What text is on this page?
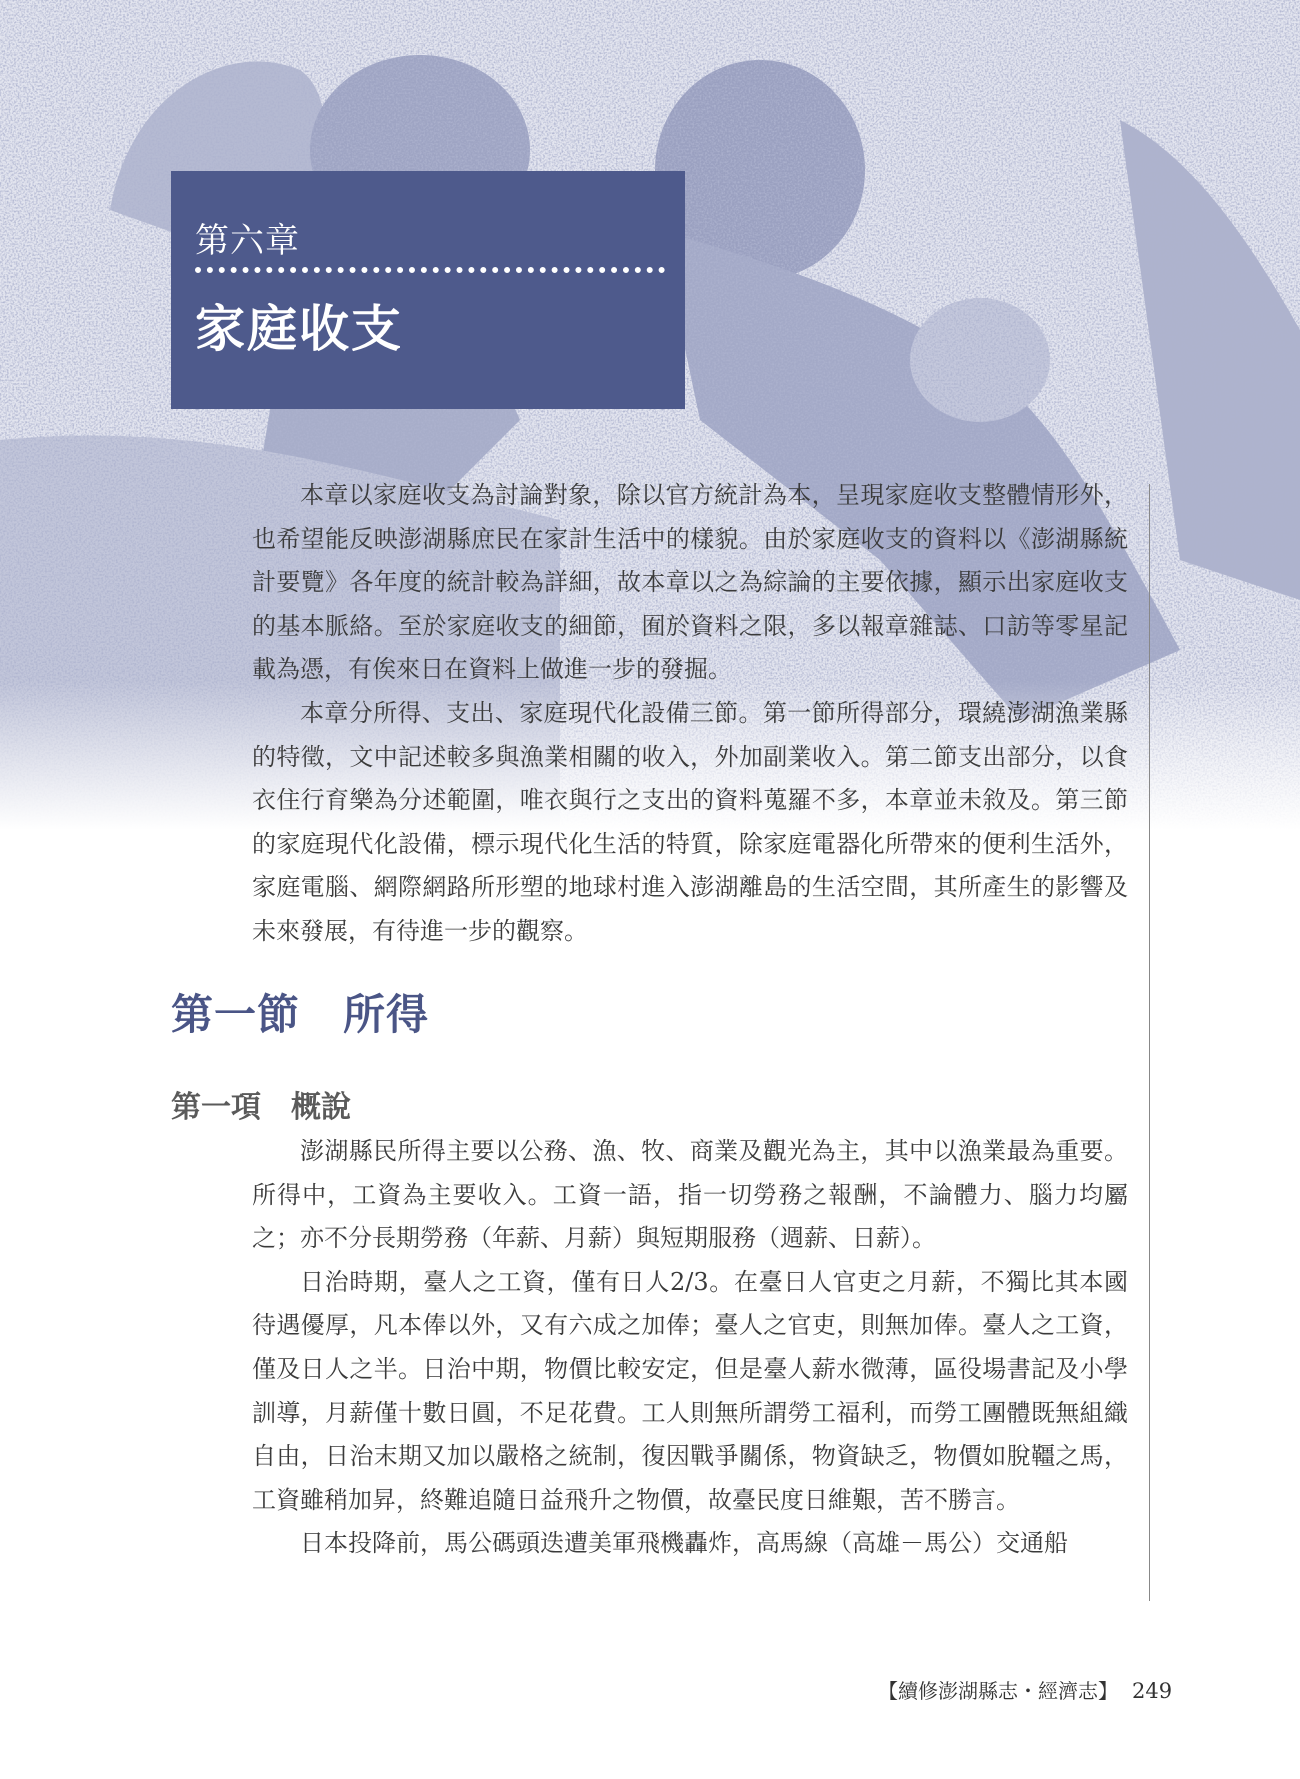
第六章
家庭收支

本章以家庭收支為討論對象，除以官方統計為本，呈現家庭收支整體情形外，也希望能反映澎湖縣庶民在家計生活中的樣貌。由於家庭收支的資料以《澎湖縣統計要覽》各年度的統計較為詳細，故本章以之為綜論的主要依據，顯示出家庭收支的基本脈絡。至於家庭收支的細節，囿於資料之限，多以報章雜誌、口訪等零星記載為憑，有俟來日在資料上做進一步的發掘。

本章分所得、支出、家庭現代化設備三節。第一節所得部分，環繞澎湖漁業縣的特徵，文中記述較多與漁業相關的收入，外加副業收入。第二節支出部分，以食衣住行育樂為分述範圍，唯衣與行之支出的資料蒐羅不多，本章並未敘及。第三節的家庭現代化設備，標示現代化生活的特質，除家庭電器化所帶來的便利生活外，家庭電腦、網際網路所形塑的地球村進入澎湖離島的生活空間，其所產生的影響及未來發展，有待進一步的觀察。

第一節　所得
第一項　概說

澎湖縣民所得主要以公務、漁、牧、商業及觀光為主，其中以漁業最為重要。所得中，工資為主要收入。工資一語，指一切勞務之報酬，不論體力、腦力均屬之；亦不分長期勞務（年薪、月薪）與短期服務（週薪、日薪）。

日治時期，臺人之工資，僅有日人2/3。在臺日人官吏之月薪，不獨比其本國待遇優厚，凡本俸以外，又有六成之加俸；臺人之官吏，則無加俸。臺人之工資，僅及日人之半。日治中期，物價比較安定，但是臺人薪水微薄，區役場書記及小學訓導，月薪僅十數日圓，不足花費。工人則無所謂勞工福利，而勞工團體既無組織自由，日治末期又加以嚴格之統制，復因戰爭關係，物資缺乏，物價如脫韁之馬，工資雖稍加昇，終難追隨日益飛升之物價，故臺民度日維艱，苦不勝言。

日本投降前，馬公碼頭迭遭美軍飛機轟炸，高馬線（高雄－馬公）交通船

【續修澎湖縣志・經濟志】 249
